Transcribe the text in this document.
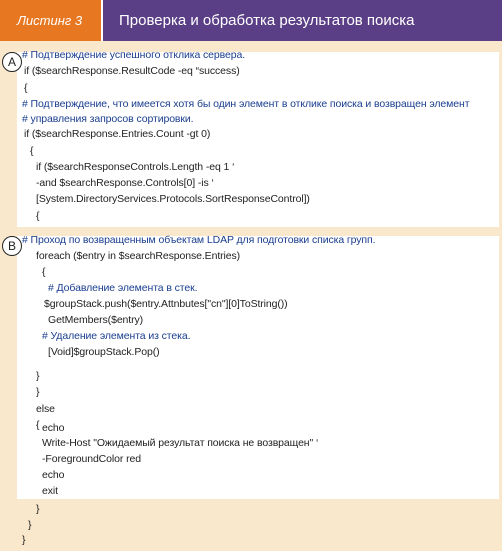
Листинг 3	Проверка и обработка результатов поиска
A
B
# Подтверждение успешного отклика сервера.
if ($searchResponse.ResultCode -eq “success)
{
# Подтверждение, что имеется хотя бы один элемент в отклике поиска и возвращен элемент
# управления запросов сортировки.
if ($searchResponse.Entries.Count -gt 0)
{
if ($searchResponseControls.Length -eq 1 ‘
-and $searchResponse.Controls[0] -is ‘
[System.DirectoryServices.Protocols.SortResponseControl])
{
# Проход по возвращенным объектам LDAP для подготовки списка групп.
foreach ($entry in $searchResponse.Entries)
{
# Добавление элемента в стек.
$groupStack.push($entry.Attnbutes["cn"][0]ToString())
GetMembers($entry)
# Удаление элемента из стека.
[Void]$groupStack.Pop()
}
}
else
{ echo
Write-Host "Ожидаемый результат поиска не возвращен" ‘
-ForegroundColor red
echo
exit
}
}
}
